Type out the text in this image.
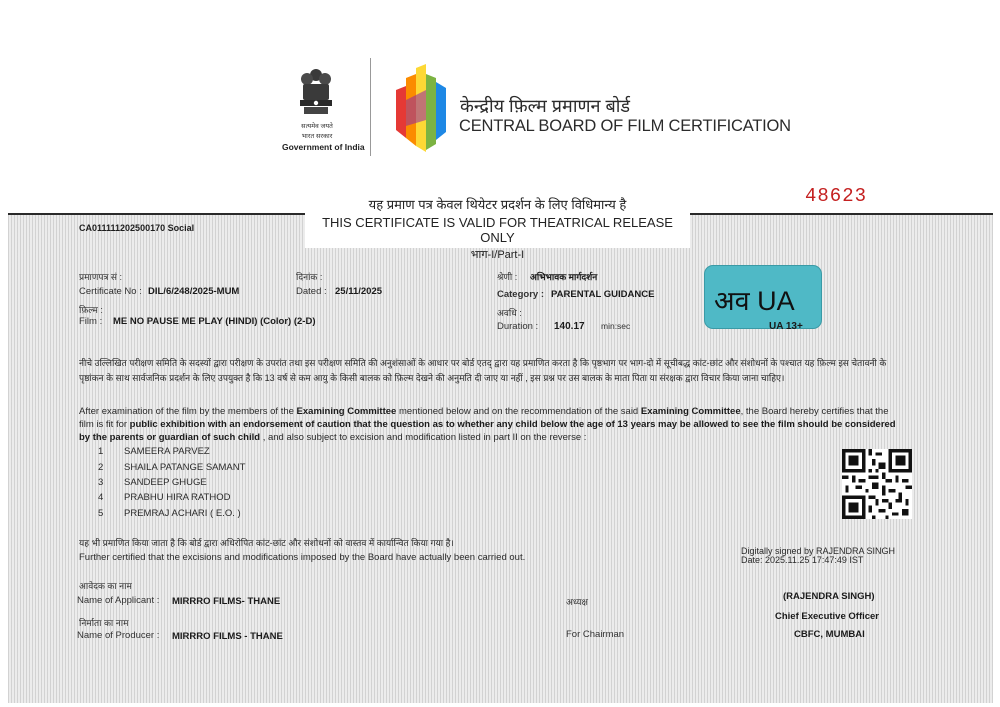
सत्यमेव जयते
भारत सरकार
Government of India
केन्द्रीय फ़िल्म प्रमाणन बोर्ड
CENTRAL BOARD OF FILM CERTIFICATION
यह प्रमाण पत्र केवल थियेटर प्रदर्शन के लिए विधिमान्य है
THIS CERTIFICATE IS VALID FOR THEATRICAL RELEASE ONLY
भाग-I/Part-I
48623
CA011111202500170 Social
प्रमाणपत्र सं :
Certificate No : DIL/6/248/2025-MUM
दिनांक :
Dated : 25/11/2025
श्रेणी : अभिभावक मार्गदर्शन
Category : PARENTAL GUIDANCE
फ़िल्म :
Film : ME NO PAUSE ME PLAY (HINDI) (Color) (2-D)
अवधि :
Duration : 140.17 min:sec
अव UA
UA 13+
नीचे उल्लिखित परीक्षण समिति के सदस्यों द्वारा परीक्षण के उपरांत तथा इस परीक्षण समिति की अनुशंसाओं के आधार पर बोर्ड एतद् द्वारा यह प्रमाणित करता है कि पृष्ठभाग पर भाग-दो में सूचीबद्ध कांट-छांट और संशोधनों के पश्चात यह फ़िल्म इस चेतावनी के पृष्ठांकन के साथ सार्वजनिक प्रदर्शन के लिए उपयुक्त है कि 13 वर्ष से कम आयु के किसी बालक को फ़िल्म देखने की अनुमति दी जाए या नहीं , इस प्रश्न पर उस बालक के माता पिता या संरक्षक द्वारा विचार किया जाना चाहिए।
After examination of the film by the members of the Examining Committee mentioned below and on the recommendation of the said Examining Committee, the Board hereby certifies that the film is fit for public exhibition with an endorsement of caution that the question as to whether any child below the age of 13 years may be allowed to see the film should be considered by the parents or guardian of such child , and also subject to excision and modification listed in part II on the reverse :
1 SAMEERA PARVEZ
2 SHAILA PATANGE SAMANT
3 SANDEEP GHUGE
4 PRABHU HIRA RATHOD
5 PREMRAJ ACHARI ( E.O. )
यह भी प्रमाणित किया जाता है कि बोर्ड द्वारा अधिरोपित कांट-छांट और संशोधनों को वास्तव में कार्यान्वित किया गया है।
Further certified that the excisions and modifications imposed by the Board have actually been carried out.
Digitally signed by RAJENDRA SINGH
Date: 2025.11.25 17:47:49 IST
आवेदक का नाम
Name of Applicant : MIRRRO FILMS- THANE
निर्माता का नाम
Name of Producer : MIRRRO FILMS - THANE
अध्यक्ष
For Chairman
(RAJENDRA SINGH)
Chief Executive Officer
CBFC, MUMBAI
